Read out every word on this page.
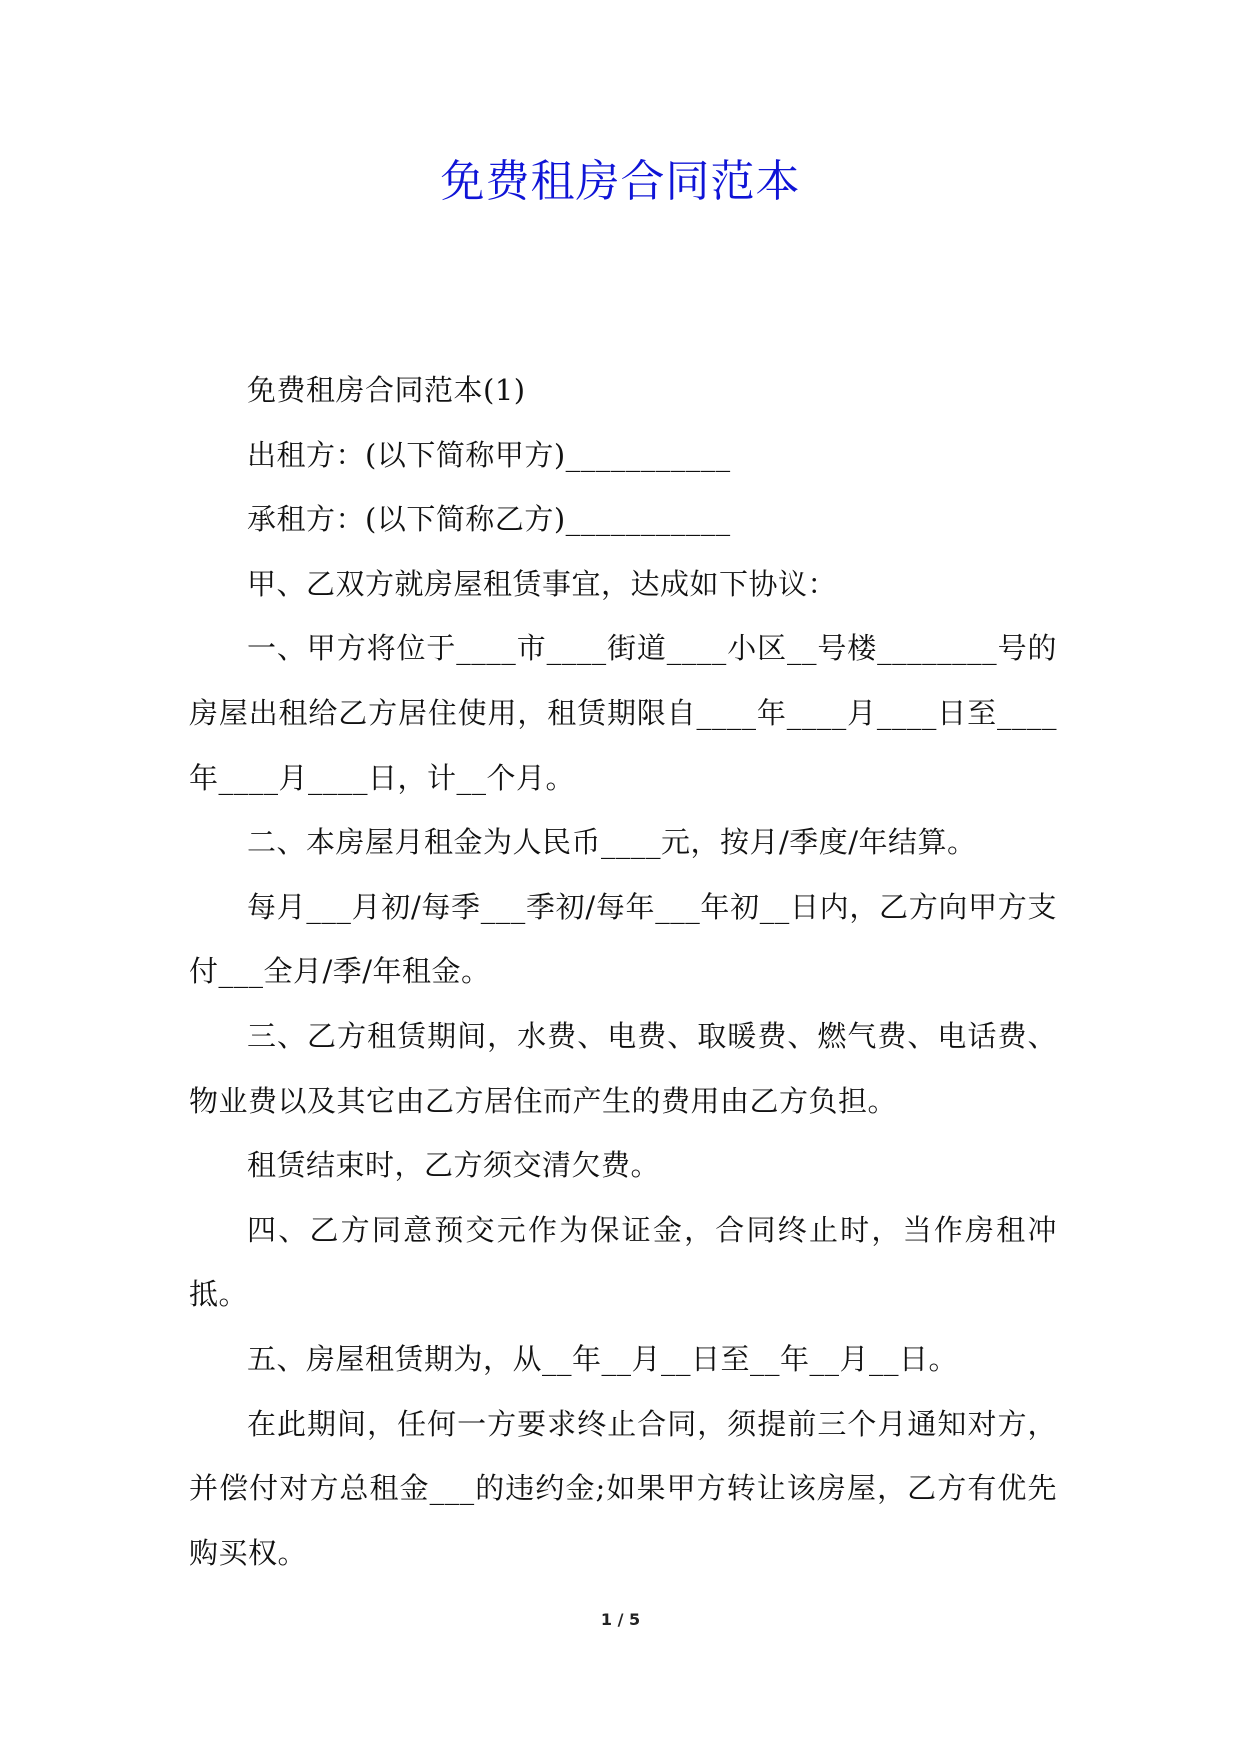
免费租房合同范本

免费租房合同范本(1)

出租方：(以下简称甲方)___________

承租方：(以下简称乙方)___________

甲、乙双方就房屋租赁事宜，达成如下协议：

一、甲方将位于____市____街道____小区__号楼________号的房屋出租给乙方居住使用，租赁期限自____年____月____日至____年____月____日，计__个月。

二、本房屋月租金为人民币____元，按月/季度/年结算。

每月___月初/每季___季初/每年___年初__日内，乙方向甲方支付___全月/季/年租金。

三、乙方租赁期间，水费、电费、取暖费、燃气费、电话费、物业费以及其它由乙方居住而产生的费用由乙方负担。

租赁结束时，乙方须交清欠费。

四、乙方同意预交元作为保证金，合同终止时，当作房租冲抵。

五、房屋租赁期为，从__年__月__日至__年__月__日。

在此期间，任何一方要求终止合同，须提前三个月通知对方，并偿付对方总租金___的违约金;如果甲方转让该房屋，乙方有优先购买权。

1 / 5
